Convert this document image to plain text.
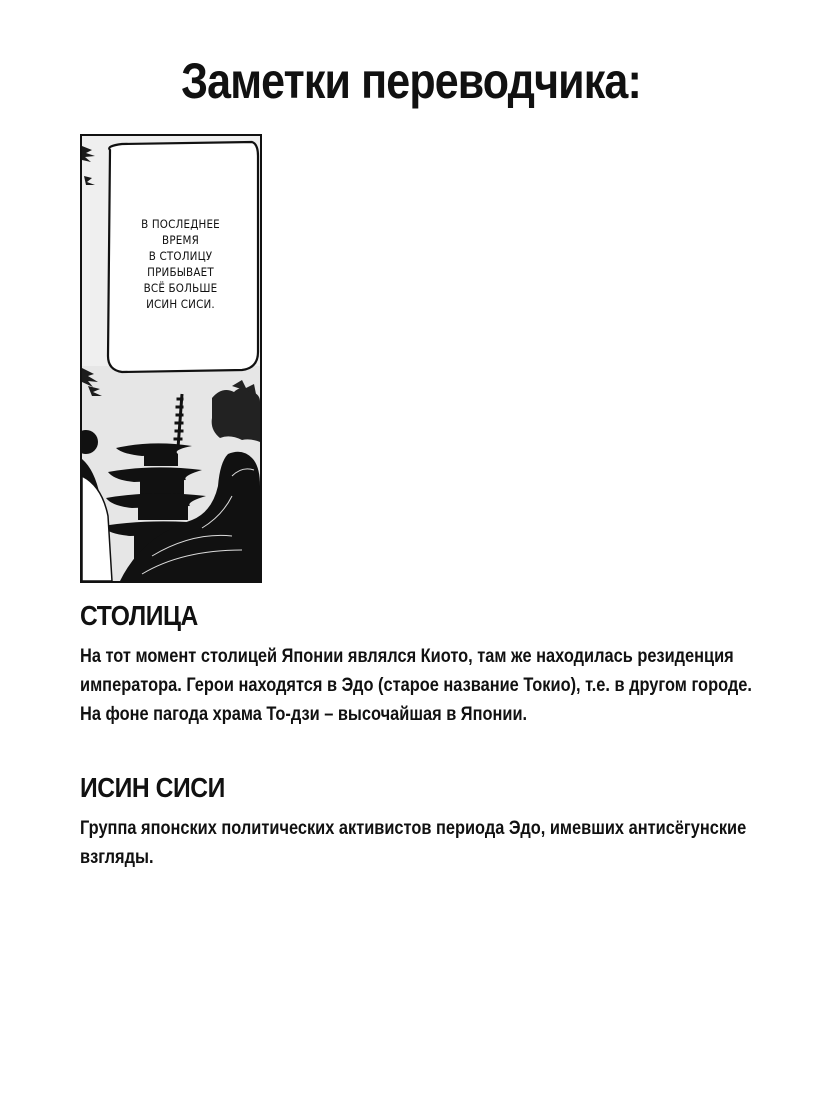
Заметки переводчика:
В ПОСЛЕДНЕЕ
ВРЕМЯ
В СТОЛИЦУ
ПРИБЫВАЕТ
ВСЁ БОЛЬШЕ
ИСИН СИСИ.
СТОЛИЦА

На тот момент столицей Японии являлся Киото, там же находилась резиденция императора. Герои находятся в Эдо (старое название Токио), т.е. в другом городе.

На фоне пагода храма То-дзи – высочайшая в Японии.

ИСИН СИСИ

Группа японских политических активистов периода Эдо, имевших антисёгунские взгляды.
